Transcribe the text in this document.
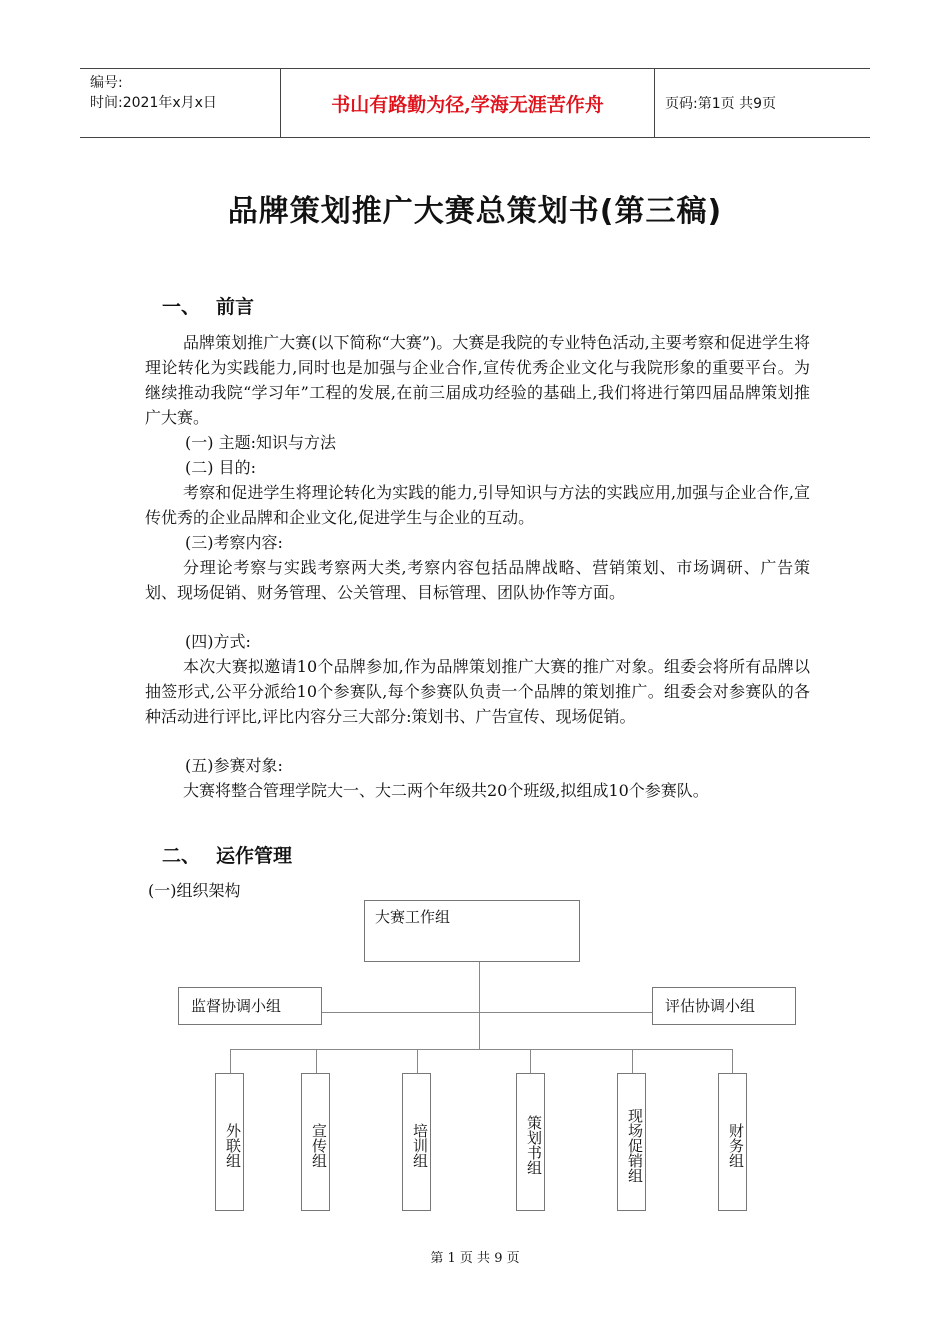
编号:
时间:2021年x月x日	书山有路勤为径,学海无涯苦作舟	页码:第1页 共9页
品牌策划推广大赛总策划书(第三稿)
一、 前言
品牌策划推广大赛(以下简称“大赛”)。大赛是我院的专业特色活动,主要考察和促进学生将理论转化为实践能力,同时也是加强与企业合作,宣传优秀企业文化与我院形象的重要平台。为继续推动我院“学习年”工程的发展,在前三届成功经验的基础上,我们将进行第四届品牌策划推广大赛。
(一) 主题:知识与方法
(二) 目的:
考察和促进学生将理论转化为实践的能力,引导知识与方法的实践应用,加强与企业合作,宣传优秀的企业品牌和企业文化,促进学生与企业的互动。
(三)考察内容:
分理论考察与实践考察两大类,考察内容包括品牌战略、营销策划、市场调研、广告策划、现场促销、财务管理、公关管理、目标管理、团队协作等方面。
(四)方式:
本次大赛拟邀请10个品牌参加,作为品牌策划推广大赛的推广对象。组委会将所有品牌以抽签形式,公平分派给10个参赛队,每个参赛队负责一个品牌的策划推广。组委会对参赛队的各种活动进行评比,评比内容分三大部分:策划书、广告宣传、现场促销。
(五)参赛对象:
大赛将整合管理学院大一、大二两个年级共20个班级,拟组成10个参赛队。
二、 运作管理
(一)组织架构
大赛工作组
监督协调小组	评估协调小组
外联组	宣传组	培训组	策划书组	现场促销组	财务组
第 1 页 共 9 页
